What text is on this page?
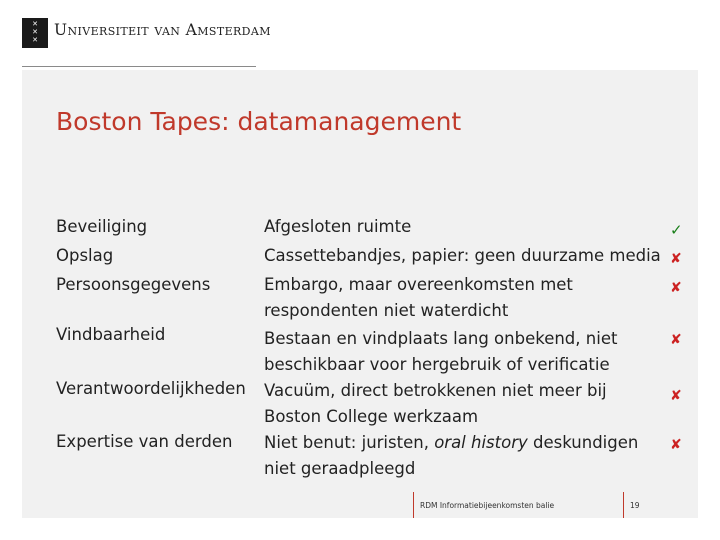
✕
✕
✕
Universiteit van Amsterdam
Boston Tapes: datamanagement
Beveiliging
Opslag
Persoonsgegevens
Vindbaarheid
Verantwoordelijkheden
Expertise van derden
Afgesloten ruimte
Cassettebandjes, papier: geen duurzame media
Embargo, maar overeenkomsten met
respondenten niet waterdicht
Bestaan en vindplaats lang onbekend, niet
beschikbaar voor hergebruik of verificatie
Vacuüm, direct betrokkenen niet meer bij
Boston College werkzaam
Niet benut: juristen, oral history deskundigen
niet geraadpleegd
✓
✘
✘
✘
✘
✘
RDM Informatiebijeenkomsten balie	19
